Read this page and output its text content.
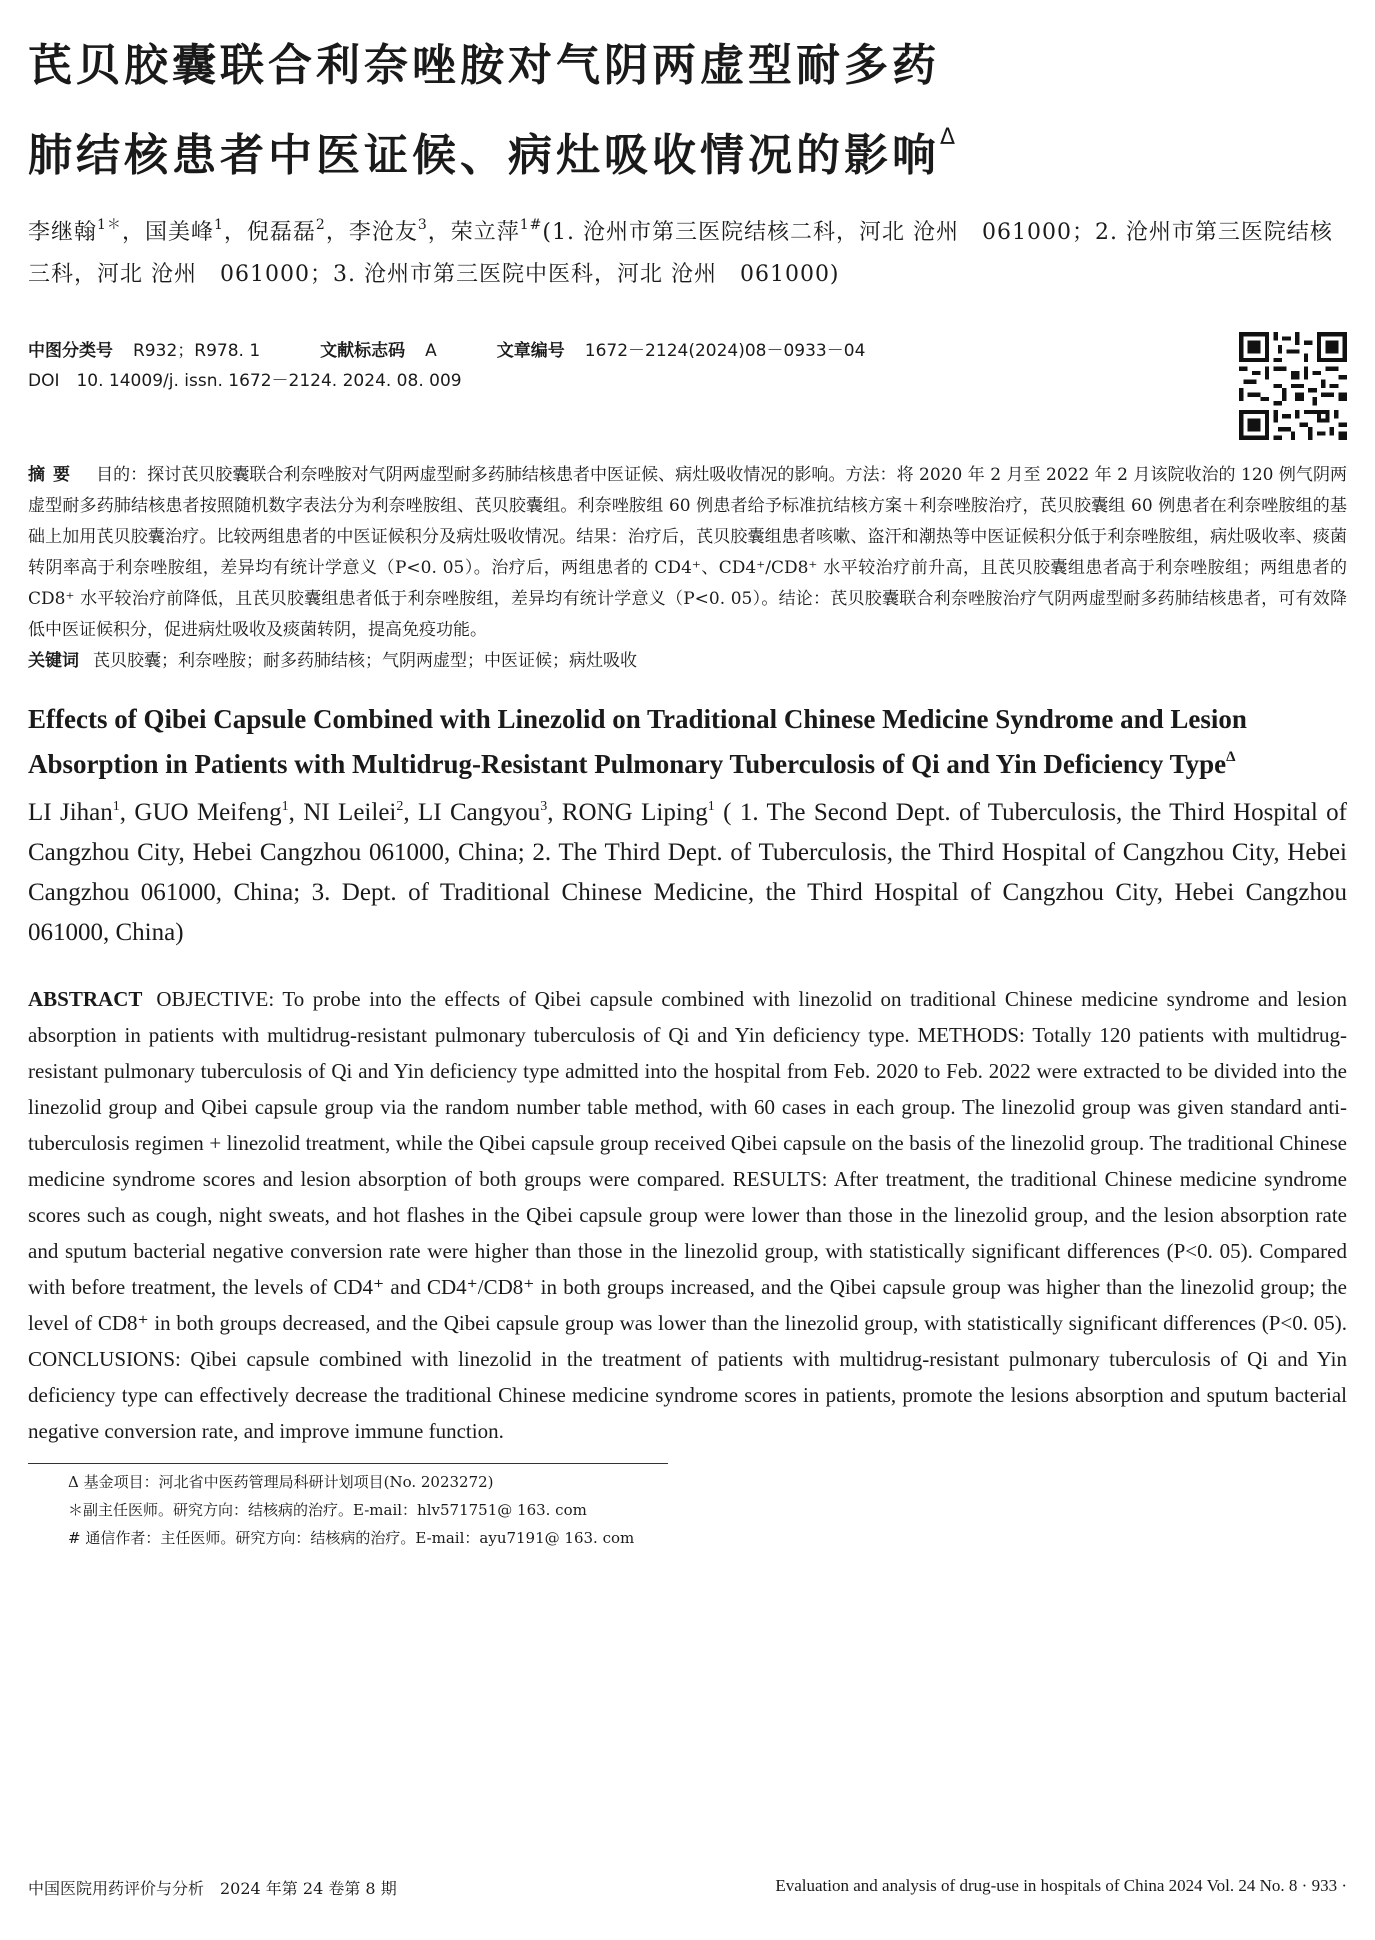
芪贝胶囊联合利奈唑胺对气阴两虚型耐多药
肺结核患者中医证候、病灶吸收情况的影响$^\Delta$
李继翰$^{1*}$，国美峰$^1$，倪磊磊$^2$，李沧友$^3$，荣立萍$^{1\#}$(1. 沧州市第三医院结核二科，河北 沧州　061000；2. 沧州市第三医院结核三科，河北 沧州　061000；3. 沧州市第三医院中医科，河北 沧州　061000)
中图分类号 R932；R978. 1	文献标志码 A	文章编号 1672－2124(2024)08－0933－04
DOI　10. 14009/j. issn. 1672－2124. 2024. 08. 009
摘要 目的：探讨芪贝胶囊联合利奈唑胺对气阴两虚型耐多药肺结核患者中医证候、病灶吸收情况的影响。方法：将 2020 年 2 月至 2022 年 2 月该院收治的 120 例气阴两虚型耐多药肺结核患者按照随机数字表法分为利奈唑胺组、芪贝胶囊组。利奈唑胺组 60 例患者给予标准抗结核方案＋利奈唑胺治疗，芪贝胶囊组 60 例患者在利奈唑胺组的基础上加用芪贝胶囊治疗。比较两组患者的中医证候积分及病灶吸收情况。结果：治疗后，芪贝胶囊组患者咳嗽、盗汗和潮热等中医证候积分低于利奈唑胺组，病灶吸收率、痰菌转阴率高于利奈唑胺组，差异均有统计学意义（P<0. 05）。治疗后，两组患者的 CD4⁺、CD4⁺/CD8⁺ 水平较治疗前升高，且芪贝胶囊组患者高于利奈唑胺组；两组患者的 CD8⁺ 水平较治疗前降低，且芪贝胶囊组患者低于利奈唑胺组，差异均有统计学意义（P<0. 05）。结论：芪贝胶囊联合利奈唑胺治疗气阴两虚型耐多药肺结核患者，可有效降低中医证候积分，促进病灶吸收及痰菌转阴，提高免疫功能。
关键词 芪贝胶囊；利奈唑胺；耐多药肺结核；气阴两虚型；中医证候；病灶吸收
Effects of Qibei Capsule Combined with Linezolid on Traditional Chinese Medicine Syndrome and Lesion Absorption in Patients with Multidrug-Resistant Pulmonary Tuberculosis of Qi and Yin Deficiency Type$^\Delta$
LI Jihan$^1$, GUO Meifeng$^1$, NI Leilei$^2$, LI Cangyou$^3$, RONG Liping$^1$ ( 1. The Second Dept. of Tuberculosis, the Third Hospital of Cangzhou City, Hebei Cangzhou 061000, China; 2. The Third Dept. of Tuberculosis, the Third Hospital of Cangzhou City, Hebei Cangzhou 061000, China; 3. Dept. of Traditional Chinese Medicine, the Third Hospital of Cangzhou City, Hebei Cangzhou 061000, China)
ABSTRACT OBJECTIVE: To probe into the effects of Qibei capsule combined with linezolid on traditional Chinese medicine syndrome and lesion absorption in patients with multidrug-resistant pulmonary tuberculosis of Qi and Yin deficiency type. METHODS: Totally 120 patients with multidrug-resistant pulmonary tuberculosis of Qi and Yin deficiency type admitted into the hospital from Feb. 2020 to Feb. 2022 were extracted to be divided into the linezolid group and Qibei capsule group via the random number table method, with 60 cases in each group. The linezolid group was given standard anti-tuberculosis regimen + linezolid treatment, while the Qibei capsule group received Qibei capsule on the basis of the linezolid group. The traditional Chinese medicine syndrome scores and lesion absorption of both groups were compared. RESULTS: After treatment, the traditional Chinese medicine syndrome scores such as cough, night sweats, and hot flashes in the Qibei capsule group were lower than those in the linezolid group, and the lesion absorption rate and sputum bacterial negative conversion rate were higher than those in the linezolid group, with statistically significant differences (P<0. 05). Compared with before treatment, the levels of CD4⁺ and CD4⁺/CD8⁺ in both groups increased, and the Qibei capsule group was higher than the linezolid group; the level of CD8⁺ in both groups decreased, and the Qibei capsule group was lower than the linezolid group, with statistically significant differences (P<0. 05). CONCLUSIONS: Qibei capsule combined with linezolid in the treatment of patients with multidrug-resistant pulmonary tuberculosis of Qi and Yin deficiency type can effectively decrease the traditional Chinese medicine syndrome scores in patients, promote the lesions absorption and sputum bacterial negative conversion rate, and improve immune function.
Δ 基金项目：河北省中医药管理局科研计划项目(No. 2023272)
＊副主任医师。研究方向：结核病的治疗。E-mail：hlv571751@ 163. com
# 通信作者：主任医师。研究方向：结核病的治疗。E-mail：ayu7191@ 163. com
中国医院用药评价与分析　2024 年第 24 卷第 8 期	Evaluation and analysis of drug-use in hospitals of China 2024 Vol. 24 No. 8 · 933 ·
